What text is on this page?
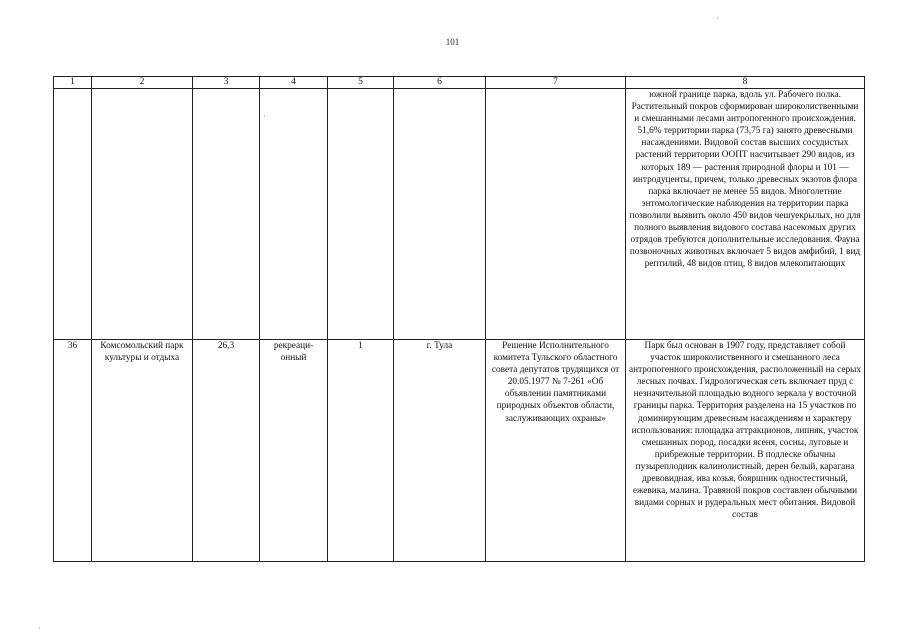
101
·
·
·
1	2	3	4	5	6	7	8
							южной границе парка, вдоль ул. Рабочего полка. Растительный покров сформирован широколиственными и смешанными лесами антропогенного происхождения. 51,6% территории парка (73,75 га) занято древесными насаждениями. Видовой состав высших сосудистых растений территории ООПТ насчитывает 290 видов, из которых 189 — растения природной флоры и 101 — интродуценты, причем, только древесных экзотов флора парка включает не менее 55 видов. Многолетние энтомологические наблюдения на территории парка позволили выявить около 450 видов чешуекрылых, но для полного выявления видового состава насекомых других отрядов требуются дополнительные исследования. Фауна позвоночных животных включает 5 видов амфибий, 1 вид рептилий, 48 видов птиц, 8 видов млекопитающих
36	Комсомольский парк культуры и отдыха	26,3	рекреаци-онный	1	г. Тула	Решение Исполнительного комитета Тульского областного совета депутатов трудящихся от 20.05.1977 № 7-261 «Об объявлении памятниками природных объектов области, заслуживающих охраны»	Парк был основан в 1907 году, представляет собой участок широколиственного и смешанного леса антропогенного происхождения, расположенный на серых лесных почвах. Гидрологическая сеть включает пруд с незначительной площадью водного зеркала у восточной границы парка. Территория разделена на 15 участков по доминирующим древесным насаждениям и характеру использования: площадка аттракционов, липняк, участок смешанных пород, посадки ясеня, сосны, луговые и прибрежные территории. В подлеске обычны пузыреплодник калинолистный, дерен белый, карагана древовидная, ива козья, бояршник одностестичный, ежевика, малина. Травяной покров составлен обычными видами сорных и рудеральных мест обитания. Видовой состав
